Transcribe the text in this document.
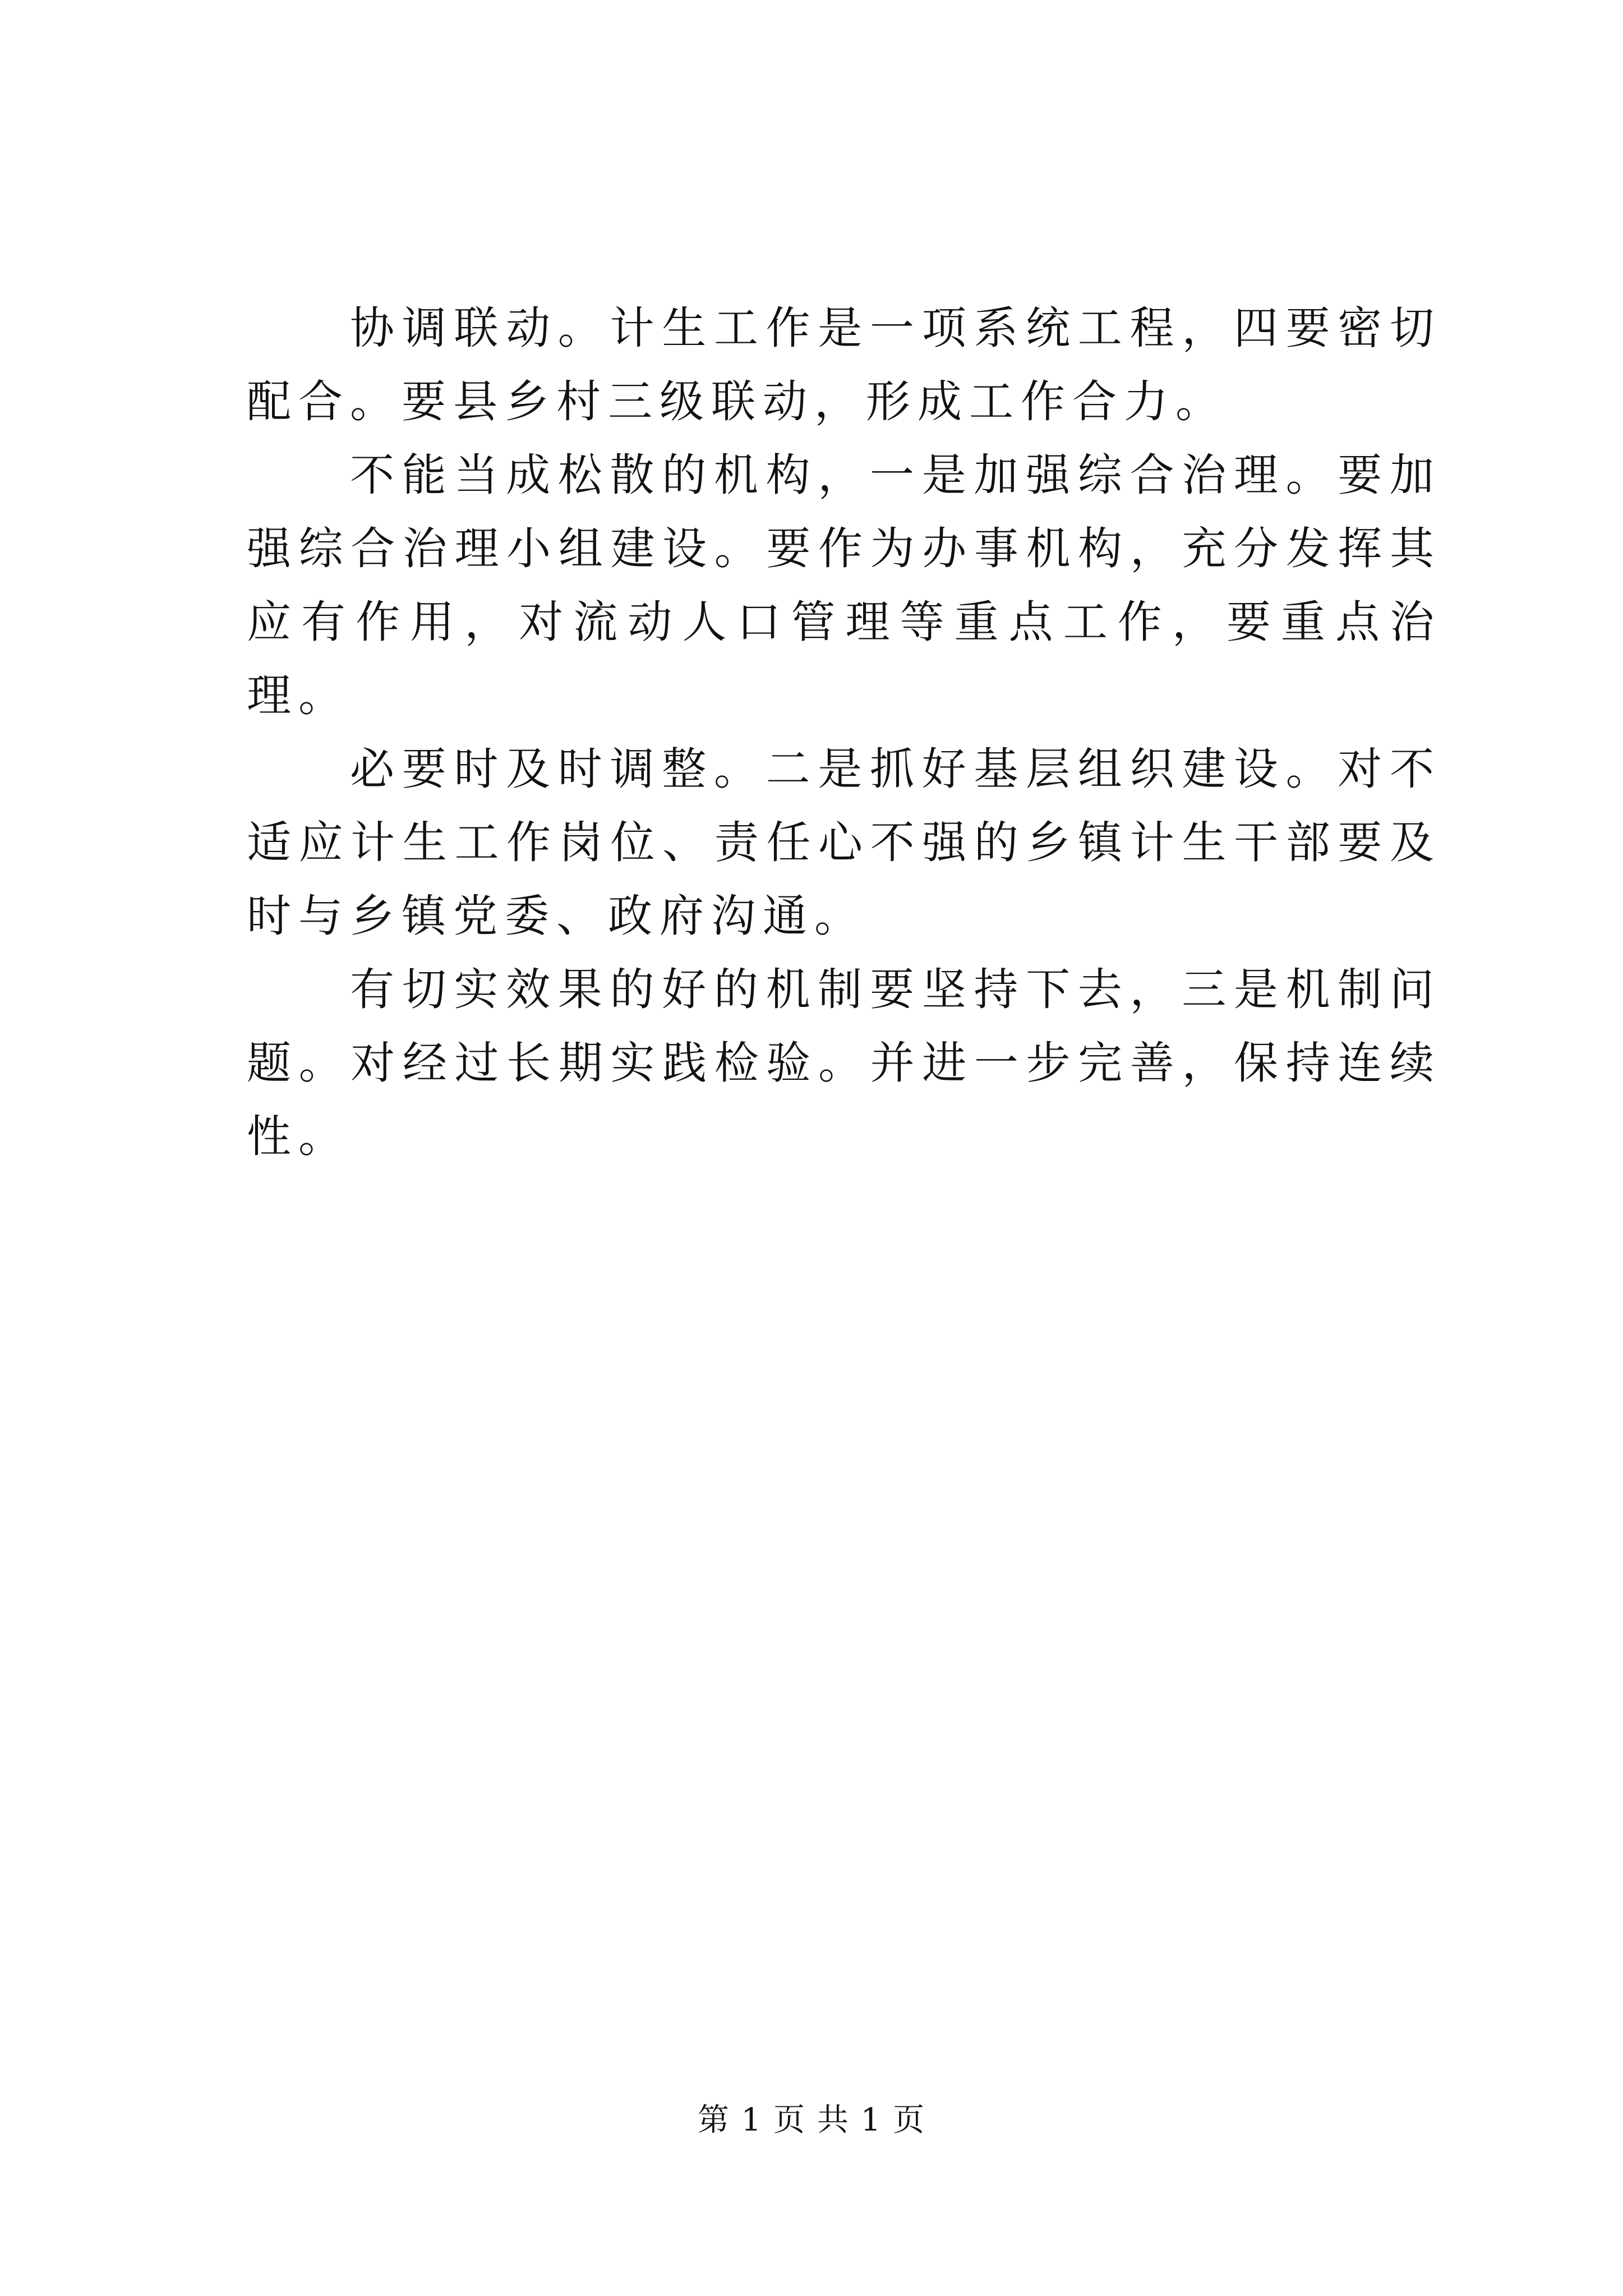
协调联动。计生工作是一项系统工程，四要密切配合。要县乡村三级联动，形成工作合力。

不能当成松散的机构，一是加强综合治理。要加强综合治理小组建设。要作为办事机构，充分发挥其应有作用，对流动人口管理等重点工作，要重点治理。

必要时及时调整。二是抓好基层组织建设。对不适应计生工作岗位、责任心不强的乡镇计生干部要及时与乡镇党委、政府沟通。

有切实效果的好的机制要坚持下去，三是机制问题。对经过长期实践检验。并进一步完善，保持连续性。

第 1 页 共 1 页
